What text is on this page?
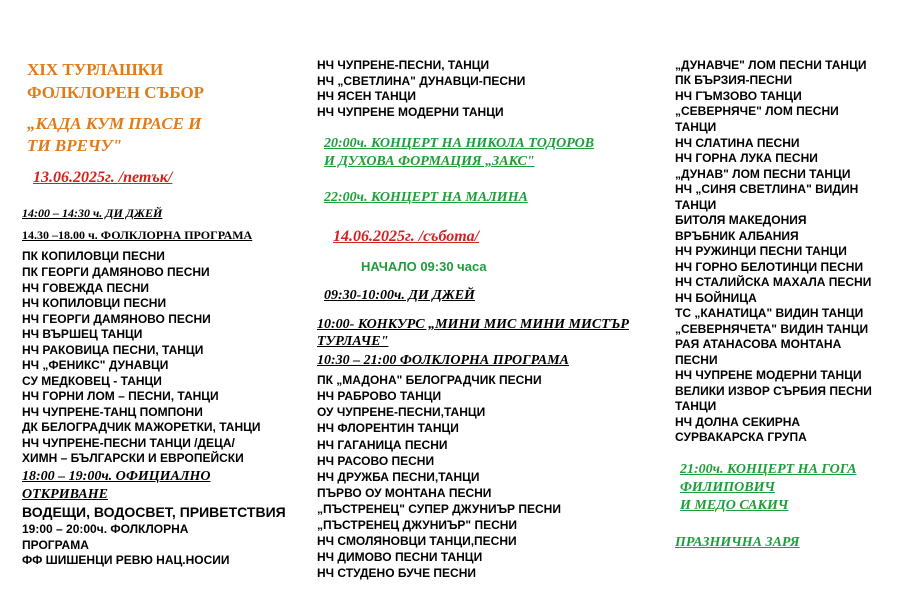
XIX ТУРЛАШКИ
ФОЛКЛОРЕН СЪБОР
„КАДА КУМ ПРАСЕ И
ТИ ВРЕЧУ"
13.06.2025г. /петък/
14:00 – 14:30 ч. ДИ ДЖЕЙ
14.30 –18.00 ч. ФОЛКЛОРНА ПРОГРАМА
ПК КОПИЛОВЦИ ПЕСНИ
ПК ГЕОРГИ ДАМЯНОВО ПЕСНИ
НЧ ГОВЕЖДА ПЕСНИ
НЧ КОПИЛОВЦИ ПЕСНИ
НЧ ГЕОРГИ ДАМЯНОВО ПЕСНИ
НЧ ВЪРШЕЦ ТАНЦИ
НЧ РАКОВИЦА ПЕСНИ, ТАНЦИ
НЧ „ФЕНИКС" ДУНАВЦИ
СУ МЕДКОВЕЦ - ТАНЦИ
НЧ ГОРНИ ЛОМ – ПЕСНИ, ТАНЦИ
НЧ ЧУПРЕНЕ-ТАНЦ ПОМПОНИ
ДК БЕЛОГРАДЧИК МАЖОРЕТКИ, ТАНЦИ
НЧ ЧУПРЕНЕ-ПЕСНИ ТАНЦИ /ДЕЦА/
ХИМН – БЪЛГАРСКИ И ЕВРОПЕЙСКИ
18:00 – 19:00ч. ОФИЦИАЛНО
ОТКРИВАНЕ
ВОДЕЩИ, ВОДОСВЕТ, ПРИВЕТСТВИЯ
19:00 – 20:00ч. ФОЛКЛОРНА
ПРОГРАМА
ФФ ШИШЕНЦИ РЕВЮ НАЦ.НОСИИ
НЧ ЧУПРЕНЕ-ПЕСНИ, ТАНЦИ
НЧ „СВЕТЛИНА" ДУНАВЦИ-ПЕСНИ
НЧ ЯСЕН ТАНЦИ
НЧ ЧУПРЕНЕ МОДЕРНИ ТАНЦИ
20:00ч. КОНЦЕРТ НА НИКОЛА ТОДОРОВ
И ДУХОВА ФОРМАЦИЯ „ЗАКС"
22:00ч. КОНЦЕРТ НА МАЛИНА
14.06.2025г. /събота/
НАЧАЛО 09:30 часа
09:30-10:00ч. ДИ ДЖЕЙ
10:00- КОНКУРС „МИНИ МИС МИНИ МИСТЪР
ТУРЛАЧЕ"
10:30 – 21:00 ФОЛКЛОРНА ПРОГРАМА
ПК „МАДОНА" БЕЛОГРАДЧИК ПЕСНИ
НЧ РАБРОВО ТАНЦИ
ОУ ЧУПРЕНЕ-ПЕСНИ,ТАНЦИ
НЧ ФЛОРЕНТИН ТАНЦИ
НЧ ГАГАНИЦА ПЕСНИ
НЧ РАСОВО ПЕСНИ
НЧ ДРУЖБА ПЕСНИ,ТАНЦИ
ПЪРВО ОУ МОНТАНА ПЕСНИ
„ПЪСТРЕНЕЦ" СУПЕР ДЖУНИЪР ПЕСНИ
„ПЪСТРЕНЕЦ ДЖУНИЪР" ПЕСНИ
НЧ СМОЛЯНОВЦИ ТАНЦИ,ПЕСНИ
НЧ ДИМОВО ПЕСНИ ТАНЦИ
НЧ СТУДЕНО БУЧЕ ПЕСНИ
„ДУНАВЧЕ" ЛОМ ПЕСНИ ТАНЦИ
ПК БЪРЗИЯ-ПЕСНИ
НЧ ГЪМЗОВО ТАНЦИ
„СЕВЕРНЯЧЕ" ЛОМ ПЕСНИ
ТАНЦИ
НЧ СЛАТИНА ПЕСНИ
НЧ ГОРНА ЛУКА ПЕСНИ
„ДУНАВ" ЛОМ ПЕСНИ ТАНЦИ
НЧ „СИНЯ СВЕТЛИНА" ВИДИН
ТАНЦИ
БИТОЛЯ МАКЕДОНИЯ
ВРЪБНИК АЛБАНИЯ
НЧ РУЖИНЦИ ПЕСНИ ТАНЦИ
НЧ ГОРНО БЕЛОТИНЦИ ПЕСНИ
НЧ СТАЛИЙСКА МАХАЛА ПЕСНИ
НЧ БОЙНИЦА
ТС „КАНАТИЦА" ВИДИН ТАНЦИ
„СЕВЕРНЯЧЕТА" ВИДИН ТАНЦИ
РАЯ АТАНАСОВА МОНТАНА
ПЕСНИ
НЧ ЧУПРЕНЕ МОДЕРНИ ТАНЦИ
ВЕЛИКИ ИЗВОР СЪРБИЯ ПЕСНИ
ТАНЦИ
НЧ ДОЛНА СЕКИРНА
СУРВАКАРСКА ГРУПА
21:00ч. КОНЦЕРТ НА ГОГА
ФИЛИПОВИЧ
И МЕДО САКИЧ
ПРАЗНИЧНА ЗАРЯ
